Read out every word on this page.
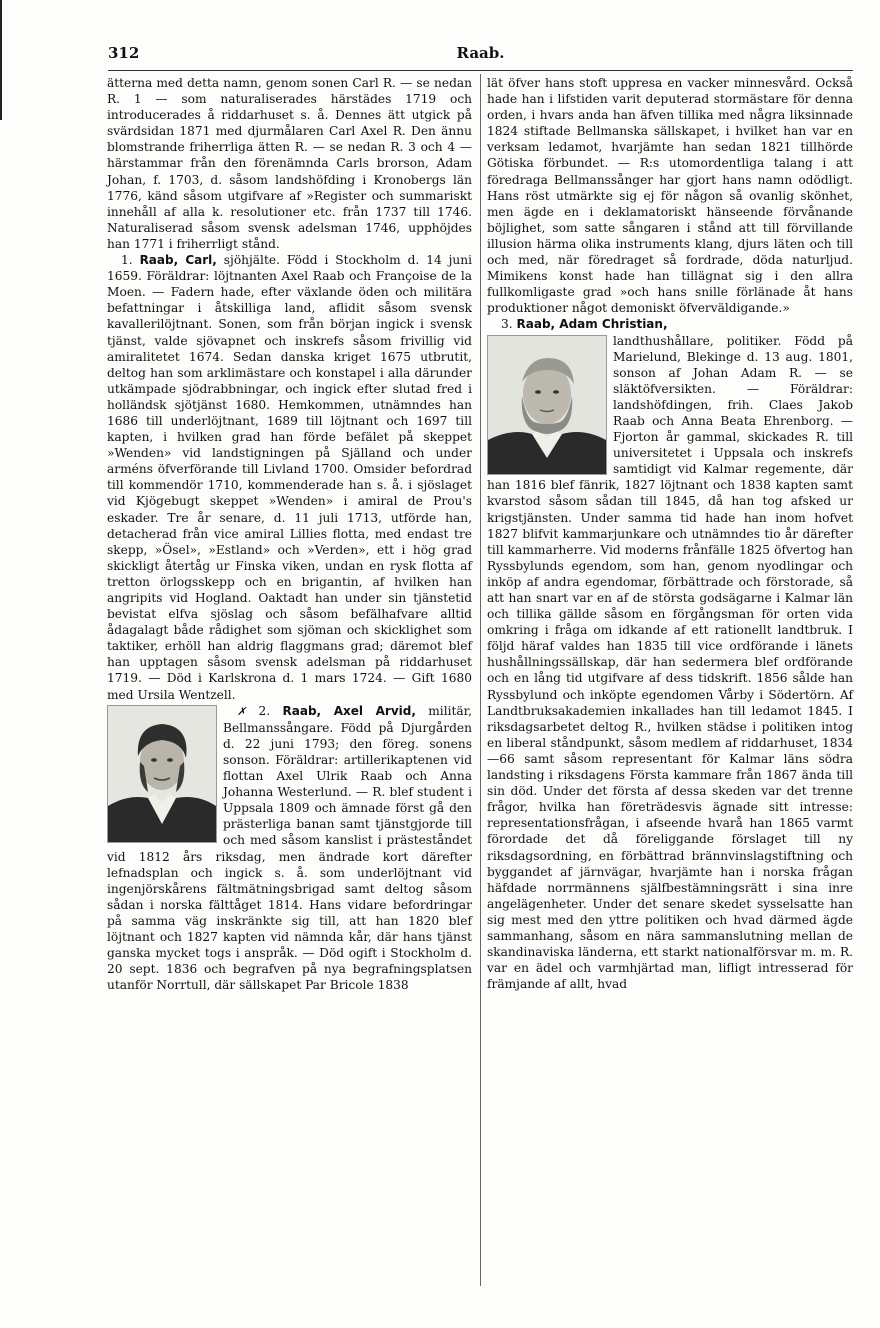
312	Raab.

ätterna med detta namn, genom sonen Carl R. — se nedan R. 1 — som naturaliserades härstädes 1719 och introducerades å riddarhuset s. å. Dennes ätt utgick på svärdsidan 1871 med djurmålaren Carl Axel R. Den ännu blomstrande friherrliga ätten R. — se nedan R. 3 och 4 — härstammar från den förenämnda Carls brorson, Adam Johan, f. 1703, d. såsom landshöfding i Kronobergs län 1776, känd såsom utgifvare af »Register och summariskt innehåll af alla k. resolutioner etc. från 1737 till 1746. Naturaliserad såsom svensk adelsman 1746, upphöjdes han 1771 i friherrligt stånd.

1. Raab, Carl, sjöhjälte. Född i Stockholm d. 14 juni 1659. Föräldrar: löjtnanten Axel Raab och Françoise de la Moen. — Fadern hade, efter växlande öden och militära befattningar i åtskilliga land, aflidit såsom svensk kavallerilöjtnant. Sonen, som från början ingick i svensk tjänst, valde sjövapnet och inskrefs såsom frivillig vid amiralitetet 1674. Sedan danska kriget 1675 utbrutit, deltog han som arklimästare och konstapel i alla därunder utkämpade sjödrabbningar, och ingick efter slutad fred i holländsk sjötjänst 1680. Hemkommen, utnämndes han 1686 till underlöjtnant, 1689 till löjtnant och 1697 till kapten, i hvilken grad han förde befälet på skeppet »Wenden» vid landstigningen på Själland och under arméns öfverförande till Livland 1700. Omsider befordrad till kommendör 1710, kommenderade han s. å. i sjöslaget vid Kjögebugt skeppet »Wenden» i amiral de Prou's eskader. Tre år senare, d. 11 juli 1713, utförde han, detacherad från vice amiral Lillies flotta, med endast tre skepp, »Ösel», »Estland» och »Verden», ett i hög grad skickligt återtåg ur Finska viken, undan en rysk flotta af tretton örlogsskepp och en brigantin, af hvilken han angripits vid Hogland. Oaktadt han under sin tjänstetid bevistat elfva sjöslag och såsom befälhafvare alltid ådagalagt både rådighet som sjöman och skicklighet som taktiker, erhöll han aldrig flaggmans grad; däremot blef han upptagen såsom svensk adelsman på riddarhuset 1719. — Död i Karlskrona d. 1 mars 1724. — Gift 1680 med Ursila Wentzell.

✗ 2. Raab, Axel Arvid, militär, Bellmanssångare. Född på Djurgården d. 22 juni 1793; den föreg. sonens sonson. Föräldrar: artillerikaptenen vid flottan Axel Ulrik Raab och Anna Johanna Westerlund. — R. blef student i Uppsala 1809 och ämnade först gå den prästerliga banan samt tjänstgjorde till och med såsom kanslist i prästeståndet vid 1812 års riksdag, men ändrade kort därefter lefnadsplan och ingick s. å. som underlöjtnant vid ingenjörskårens fältmätningsbrigad samt deltog såsom sådan i norska fälttåget 1814. Hans vidare befordringar på samma väg inskränkte sig till, att han 1820 blef löjtnant och 1827 kapten vid nämnda kår, där hans tjänst ganska mycket togs i anspråk. — Död ogift i Stockholm d. 20 sept. 1836 och begrafven på nya begrafningsplatsen utanför Norrtull, där sällskapet Par Bricole 1838

lät öfver hans stoft uppresa en vacker minnesvård. Också hade han i lifstiden varit deputerad stormästare för denna orden, i hvars anda han äfven tillika med några liksinnade 1824 stiftade Bellmanska sällskapet, i hvilket han var en verksam ledamot, hvarjämte han sedan 1821 tillhörde Götiska förbundet. — R:s utomordentliga talang i att föredraga Bellmanssånger har gjort hans namn odödligt. Hans röst utmärkte sig ej för någon så ovanlig skönhet, men ägde en i deklamatoriskt hänseende förvånande böjlighet, som satte sångaren i stånd att till förvillande illusion härma olika instruments klang, djurs läten och till och med, när föredraget så fordrade, döda naturljud. Mimikens konst hade han tillägnat sig i den allra fullkomligaste grad »och hans snille förlänade åt hans produktioner något demoniskt öfverväldigande.»

3. Raab, Adam Christian,

landthushållare, politiker. Född på Marielund, Blekinge d. 13 aug. 1801, sonson af Johan Adam R. — se släktöfversikten. — Föräldrar: landshöfdingen, frih. Claes Jakob Raab och Anna Beata Ehrenborg. — Fjorton år gammal, skickades R. till universitetet i Uppsala och inskrefs samtidigt vid Kalmar regemente, där han 1816 blef fänrik, 1827 löjtnant och 1838 kapten samt kvarstod såsom sådan till 1845, då han tog afsked ur krigstjänsten. Under samma tid hade han inom hofvet 1827 blifvit kammarjunkare och utnämndes tio år därefter till kammarherre. Vid moderns frånfälle 1825 öfvertog han Ryssbylunds egendom, som han, genom nyodlingar och inköp af andra egendomar, förbättrade och förstorade, så att han snart var en af de största godsägarne i Kalmar län och tillika gällde såsom en förgångsman för orten vida omkring i fråga om idkande af ett rationellt landtbruk. I följd häraf valdes han 1835 till vice ordförande i länets hushållningssällskap, där han sedermera blef ordförande och en lång tid utgifvare af dess tidskrift. 1856 sålde han Ryssbylund och inköpte egendomen Vårby i Södertörn. Af Landtbruksakademien inkallades han till ledamot 1845. I riksdagsarbetet deltog R., hvilken städse i politiken intog en liberal ståndpunkt, såsom medlem af riddarhuset, 1834 —66 samt såsom representant för Kalmar läns södra landsting i riksdagens Första kammare från 1867 ända till sin död. Under det första af dessa skeden var det trenne frågor, hvilka han företrädesvis ägnade sitt intresse: representationsfrågan, i afseende hvarå han 1865 varmt förordade det då föreliggande förslaget till ny riksdagsordning, en förbättrad brännvinslagstiftning och byggandet af järnvägar, hvarjämte han i norska frågan häfdade norrmännens själfbestämningsrätt i sina inre angelägenheter. Under det senare skedet sysselsatte han sig mest med den yttre politiken och hvad därmed ägde sammanhang, såsom en nära sammanslutning mellan de skandinaviska länderna, ett starkt nationalförsvar m. m. R. var en ädel och varmhjärtad man, lifligt intresserad för främjande af allt, hvad
